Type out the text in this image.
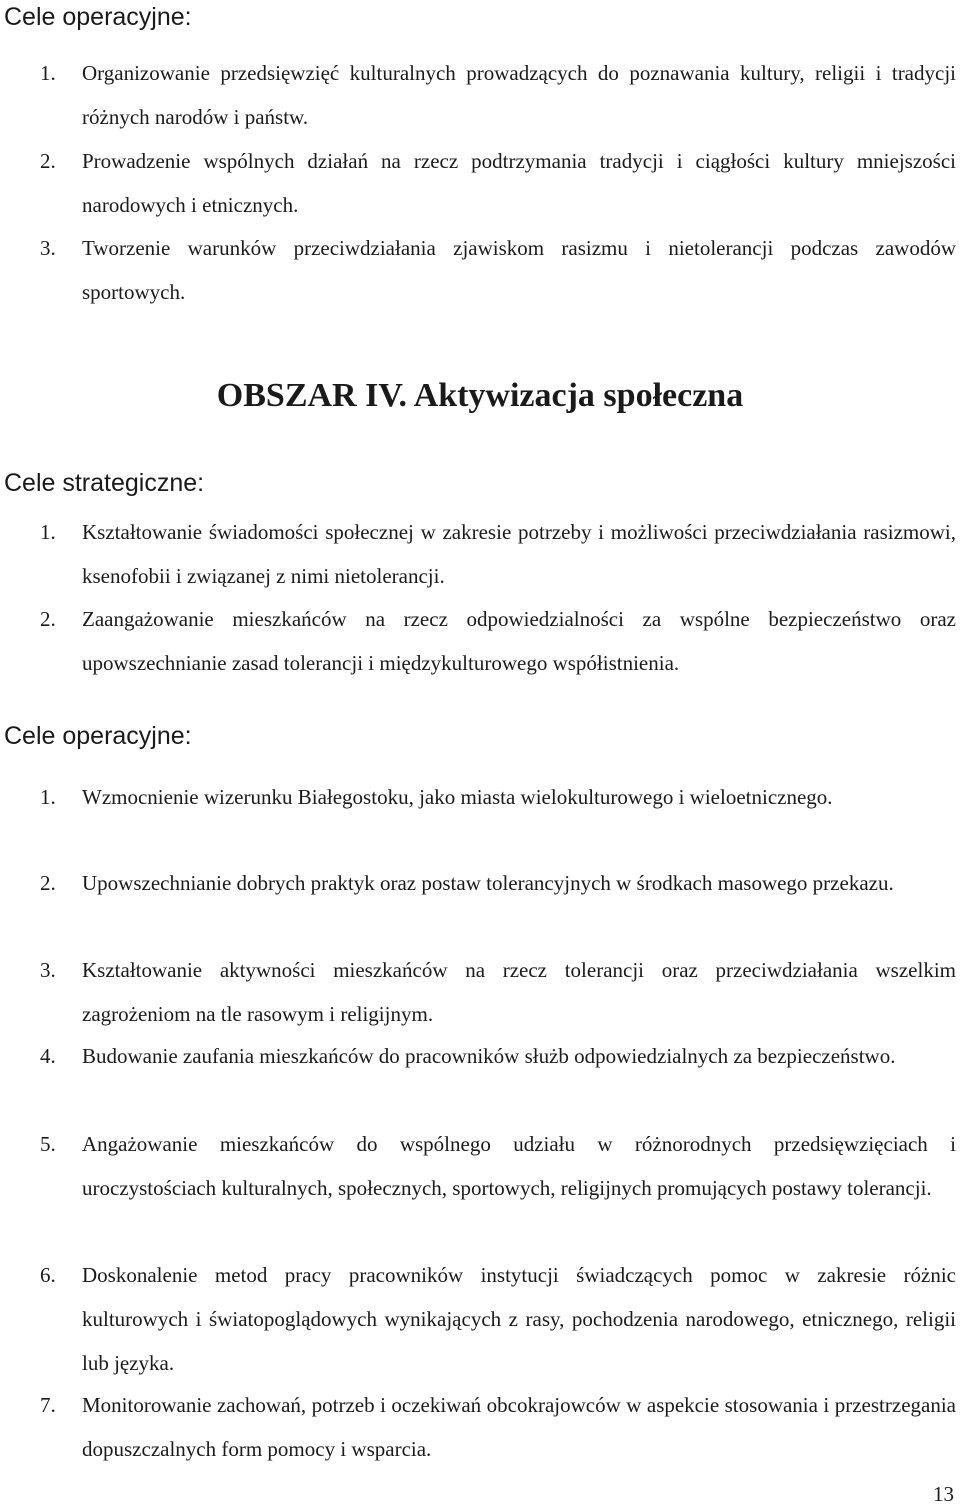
Cele operacyjne:
1. Organizowanie przedsięwzięć kulturalnych prowadzących do poznawania kultury, religii i tradycji różnych narodów i państw.
2. Prowadzenie wspólnych działań na rzecz podtrzymania tradycji i ciągłości kultury mniejszości narodowych i etnicznych.
3. Tworzenie warunków przeciwdziałania zjawiskom rasizmu i nietolerancji podczas zawodów sportowych.
OBSZAR IV. Aktywizacja społeczna
Cele strategiczne:
1. Kształtowanie świadomości społecznej w zakresie potrzeby i możliwości przeciwdziałania rasizmowi, ksenofobii i związanej z nimi nietolerancji.
2. Zaangażowanie mieszkańców na rzecz odpowiedzialności za wspólne bezpieczeństwo oraz upowszechnianie zasad tolerancji i międzykulturowego współistnienia.
Cele operacyjne:
1. Wzmocnienie wizerunku Białegostoku, jako miasta wielokulturowego i wieloetnicznego.
2. Upowszechnianie dobrych praktyk oraz postaw tolerancyjnych w środkach masowego przekazu.
3. Kształtowanie aktywności mieszkańców na rzecz tolerancji oraz przeciwdziałania wszelkim zagrożeniom na tle rasowym i religijnym.
4. Budowanie zaufania mieszkańców do pracowników służb odpowiedzialnych za bezpieczeństwo.
5. Angażowanie mieszkańców do wspólnego udziału w różnorodnych przedsięwzięciach i uroczystościach kulturalnych, społecznych, sportowych, religijnych promujących postawy tolerancji.
6. Doskonalenie metod pracy pracowników instytucji świadczących pomoc w zakresie różnic kulturowych i światopoglądowych wynikających z rasy, pochodzenia narodowego, etnicznego, religii lub języka.
7. Monitorowanie zachowań, potrzeb i oczekiwań obcokrajowców w aspekcie stosowania i przestrzegania dopuszczalnych form pomocy i wsparcia.
13
